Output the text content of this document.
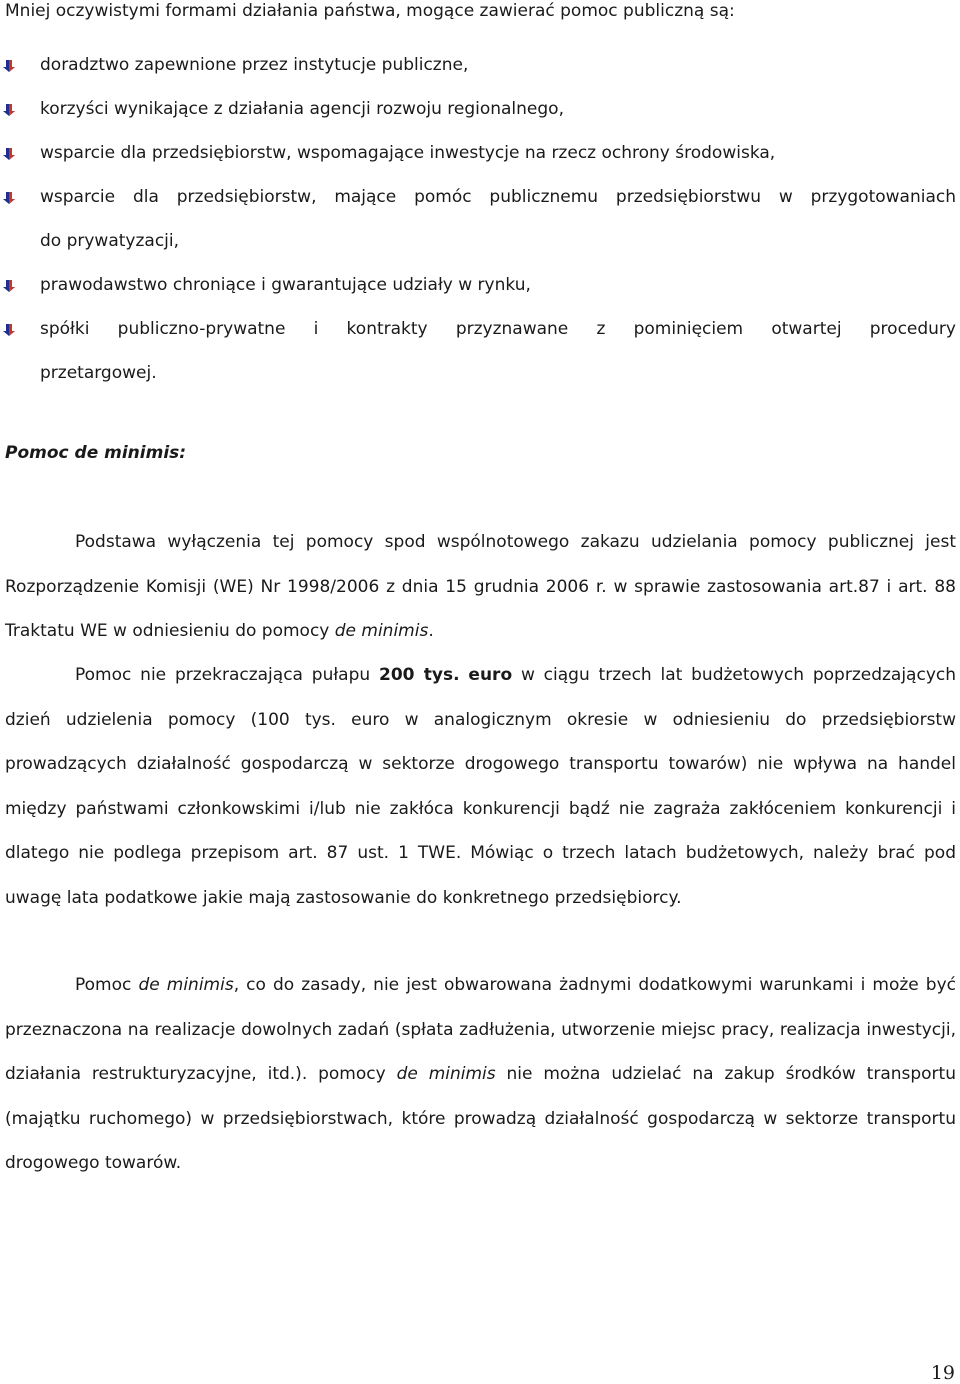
Mniej oczywistymi formami działania państwa, mogące zawierać pomoc publiczną są:

doradztwo zapewnione przez instytucje publiczne,
korzyści wynikające z działania agencji rozwoju regionalnego,
wsparcie dla przedsiębiorstw, wspomagające inwestycje na rzecz ochrony środowiska,
wsparcie dla przedsiębiorstw, mające pomóc publicznemu przedsiębiorstwu w przygotowaniach
do prywatyzacji,
prawodawstwo chroniące i gwarantujące udziały w rynku,
spółki publiczno-prywatne i kontrakty przyznawane z pominięciem otwartej procedury
przetargowej.

Pomoc de minimis:

Podstawa wyłączenia tej pomocy spod wspólnotowego zakazu udzielania pomocy publicznej jest Rozporządzenie Komisji (WE) Nr 1998/2006 z dnia 15 grudnia 2006 r. w sprawie zastosowania art.87 i art. 88 Traktatu WE w odniesieniu do pomocy de minimis.

Pomoc nie przekraczająca pułapu 200 tys. euro w ciągu trzech lat budżetowych poprzedzających dzień udzielenia pomocy (100 tys. euro w analogicznym okresie w odniesieniu do przedsiębiorstw prowadzących działalność gospodarczą w sektorze drogowego transportu towarów) nie wpływa na handel między państwami członkowskimi i/lub nie zakłóca konkurencji bądź nie zagraża zakłóceniem konkurencji i dlatego nie podlega przepisom art. 87 ust. 1 TWE. Mówiąc o trzech latach budżetowych, należy brać pod uwagę lata podatkowe jakie mają zastosowanie do konkretnego przedsiębiorcy.

Pomoc de minimis, co do zasady, nie jest obwarowana żadnymi dodatkowymi warunkami i może być przeznaczona na realizacje dowolnych zadań (spłata zadłużenia, utworzenie miejsc pracy, realizacja inwestycji, działania restrukturyzacyjne, itd.). pomocy de minimis nie można udzielać na zakup środków transportu (majątku ruchomego) w przedsiębiorstwach, które prowadzą działalność gospodarczą w sektorze transportu drogowego towarów.

19
